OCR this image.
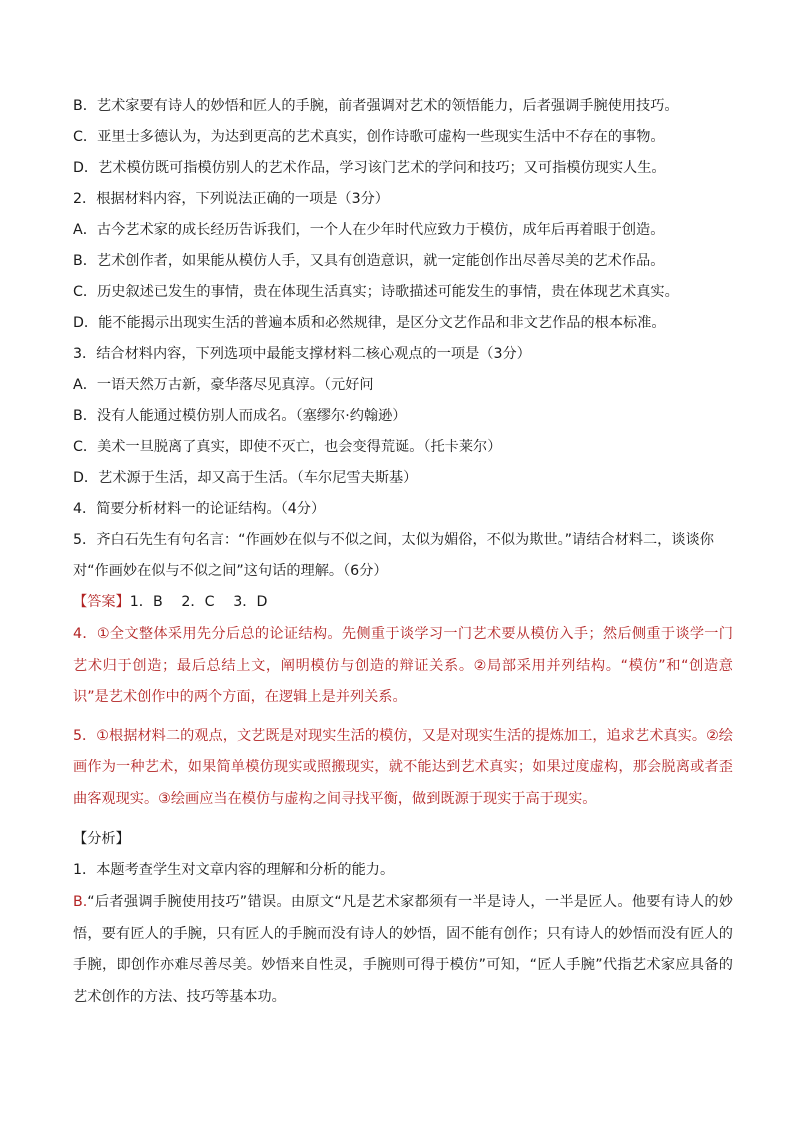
B．艺术家要有诗人的妙悟和匠人的手腕，前者强调对艺术的领悟能力，后者强调手腕使用技巧。
C．亚里士多德认为，为达到更高的艺术真实，创作诗歌可虚构一些现实生活中不存在的事物。
D．艺术模仿既可指模仿别人的艺术作品，学习该门艺术的学问和技巧；又可指模仿现实人生。
2．根据材料内容，下列说法正确的一项是（3分）
A．古今艺术家的成长经历告诉我们，一个人在少年时代应致力于模仿，成年后再着眼于创造。
B．艺术创作者，如果能从模仿人手，又具有创造意识，就一定能创作出尽善尽美的艺术作品。
C．历史叙述已发生的事情，贵在体现生活真实；诗歌描述可能发生的事情，贵在体现艺术真实。
D．能不能揭示出现实生活的普遍本质和必然规律，是区分文艺作品和非文艺作品的根本标准。
3．结合材料内容，下列选项中最能支撑材料二核心观点的一项是（3分）
A．一语天然万古新，豪华落尽见真淳。（元好问
B．没有人能通过模仿别人而成名。（塞缪尔·约翰逊）
C．美术一旦脱离了真实，即使不灭亡，也会变得荒诞。（托卡莱尔）
D．艺术源于生活，却又高于生活。（车尔尼雪夫斯基）
4．简要分析材料一的论证结构。（4分）
5．齐白石先生有句名言：“作画妙在似与不似之间，太似为媚俗，不似为欺世。”请结合材料二，谈谈你
对“作画妙在似与不似之间”这句话的理解。（6分）
【答案】1．B　 2．C　 3．D
4．①全文整体采用先分后总的论证结构。先侧重于谈学习一门艺术要从模仿入手；然后侧重于谈学一门艺术归于创造；最后总结上文，阐明模仿与创造的辩证关系。②局部采用并列结构。“模仿”和“创造意识”是艺术创作中的两个方面，在逻辑上是并列关系。
5．①根据材料二的观点，文艺既是对现实生活的模仿，又是对现实生活的提炼加工，追求艺术真实。②绘画作为一种艺术，如果简单模仿现实或照搬现实，就不能达到艺术真实；如果过度虚构，那会脱离或者歪曲客观现实。③绘画应当在模仿与虚构之间寻找平衡，做到既源于现实于高于现实。
【分析】
1．本题考查学生对文章内容的理解和分析的能力。
B.“后者强调手腕使用技巧”错误。由原文“凡是艺术家都须有一半是诗人，一半是匠人。他要有诗人的妙悟，要有匠人的手腕，只有匠人的手腕而没有诗人的妙悟，固不能有创作；只有诗人的妙悟而没有匠人的手腕，即创作亦难尽善尽美。妙悟来自性灵，手腕则可得于模仿”可知，“匠人手腕”代指艺术家应具备的艺术创作的方法、技巧等基本功。
